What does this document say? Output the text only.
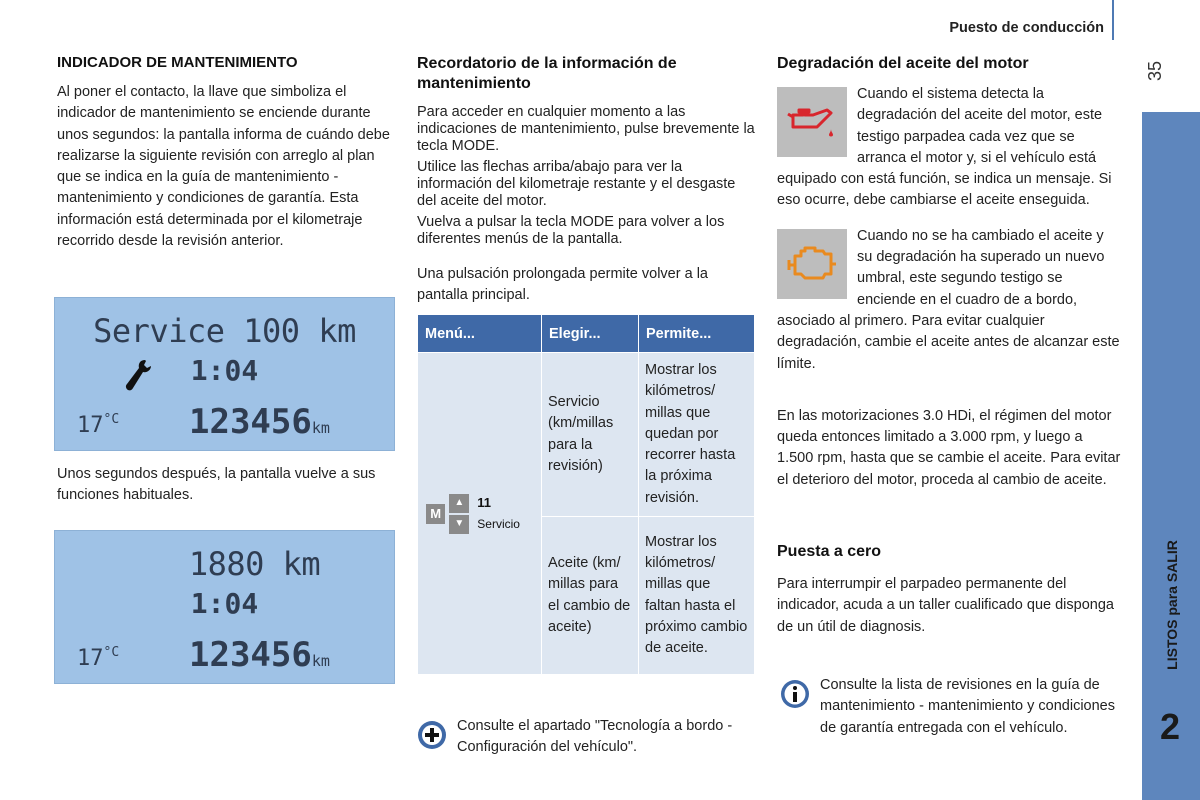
Puesto de conducción
35
LISTOS para SALIR
2
INDICADOR DE MANTENIMIENTO
Al poner el contacto, la llave que simboliza el indicador de mantenimiento se enciende durante unos segundos: la pantalla informa de cuándo debe realizarse la siguiente revisión con arreglo al plan que se indica en la guía de mantenimiento - mantenimiento y condiciones de garantía. Esta información está determinada por el kilometraje recorrido desde la revisión anterior.
Service 100 km
1:04
$17^{^\circ C}$ 123456km
Unos segundos después, la pantalla vuelve a sus funciones habituales.
1880 km
1:04
$17^{^\circ C}$ 123456km
Recordatorio de la información de mantenimiento
Para acceder en cualquier momento a las indicaciones de mantenimiento, pulse brevemente la tecla MODE.
Utilice las flechas arriba/abajo para ver la información del kilometraje restante y el desgaste del aceite del motor.
Vuelva a pulsar la tecla MODE para volver a los diferentes menús de la pantalla.
Una pulsación prolongada permite volver a la pantalla principal.
Menú...	Elegir...	Permite...

M
▲
▼
11 Servicio	Servicio (km/millas para la revisión)	Mostrar los kilómetros/ millas que quedan por recorrer hasta la próxima revisión.
	Aceite (km/ millas para el cambio de aceite)	Mostrar los kilómetros/ millas que faltan hasta el próximo cambio de aceite.
Consulte el apartado "Tecnología a bordo - Configuración del vehículo".
Degradación del aceite del motor
Cuando el sistema detecta la degradación del aceite del motor, este testigo parpadea cada vez que se arranca el motor y, si el vehículo está equipado con está función, se indica un mensaje. Si eso ocurre, debe cambiarse el aceite enseguida.
Cuando no se ha cambiado el aceite y su degradación ha superado un nuevo umbral, este segundo testigo se enciende en el cuadro de a bordo, asociado al primero. Para evitar cualquier degradación, cambie el aceite antes de alcanzar este límite.
En las motorizaciones 3.0 HDi, el régimen del motor queda entonces limitado a 3.000 rpm, y luego a 1.500 rpm, hasta que se cambie el aceite. Para evitar el deterioro del motor, proceda al cambio de aceite.
Puesta a cero
Para interrumpir el parpadeo permanente del indicador, acuda a un taller cualificado que disponga de un útil de diagnosis.
Consulte la lista de revisiones en la guía de mantenimiento - mantenimiento y condiciones de garantía entregada con el vehículo.
